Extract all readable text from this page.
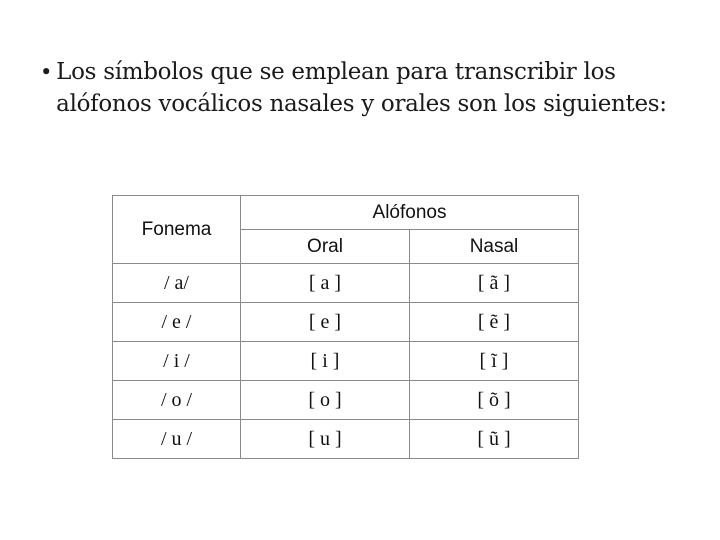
• Los símbolos que se emplean para transcribir los alófonos vocálicos nasales y orales son los siguientes:
Fonema	Alófonos	
	Oral	Nasal
/ a/	[ a ]	[ ã ]
/ e /	[ e ]	[ ẽ ]
/ i /	[ i ]	[ ĩ ]
/ o /	[ o ]	[ õ ]
/ u /	[ u ]	[ ũ ]
